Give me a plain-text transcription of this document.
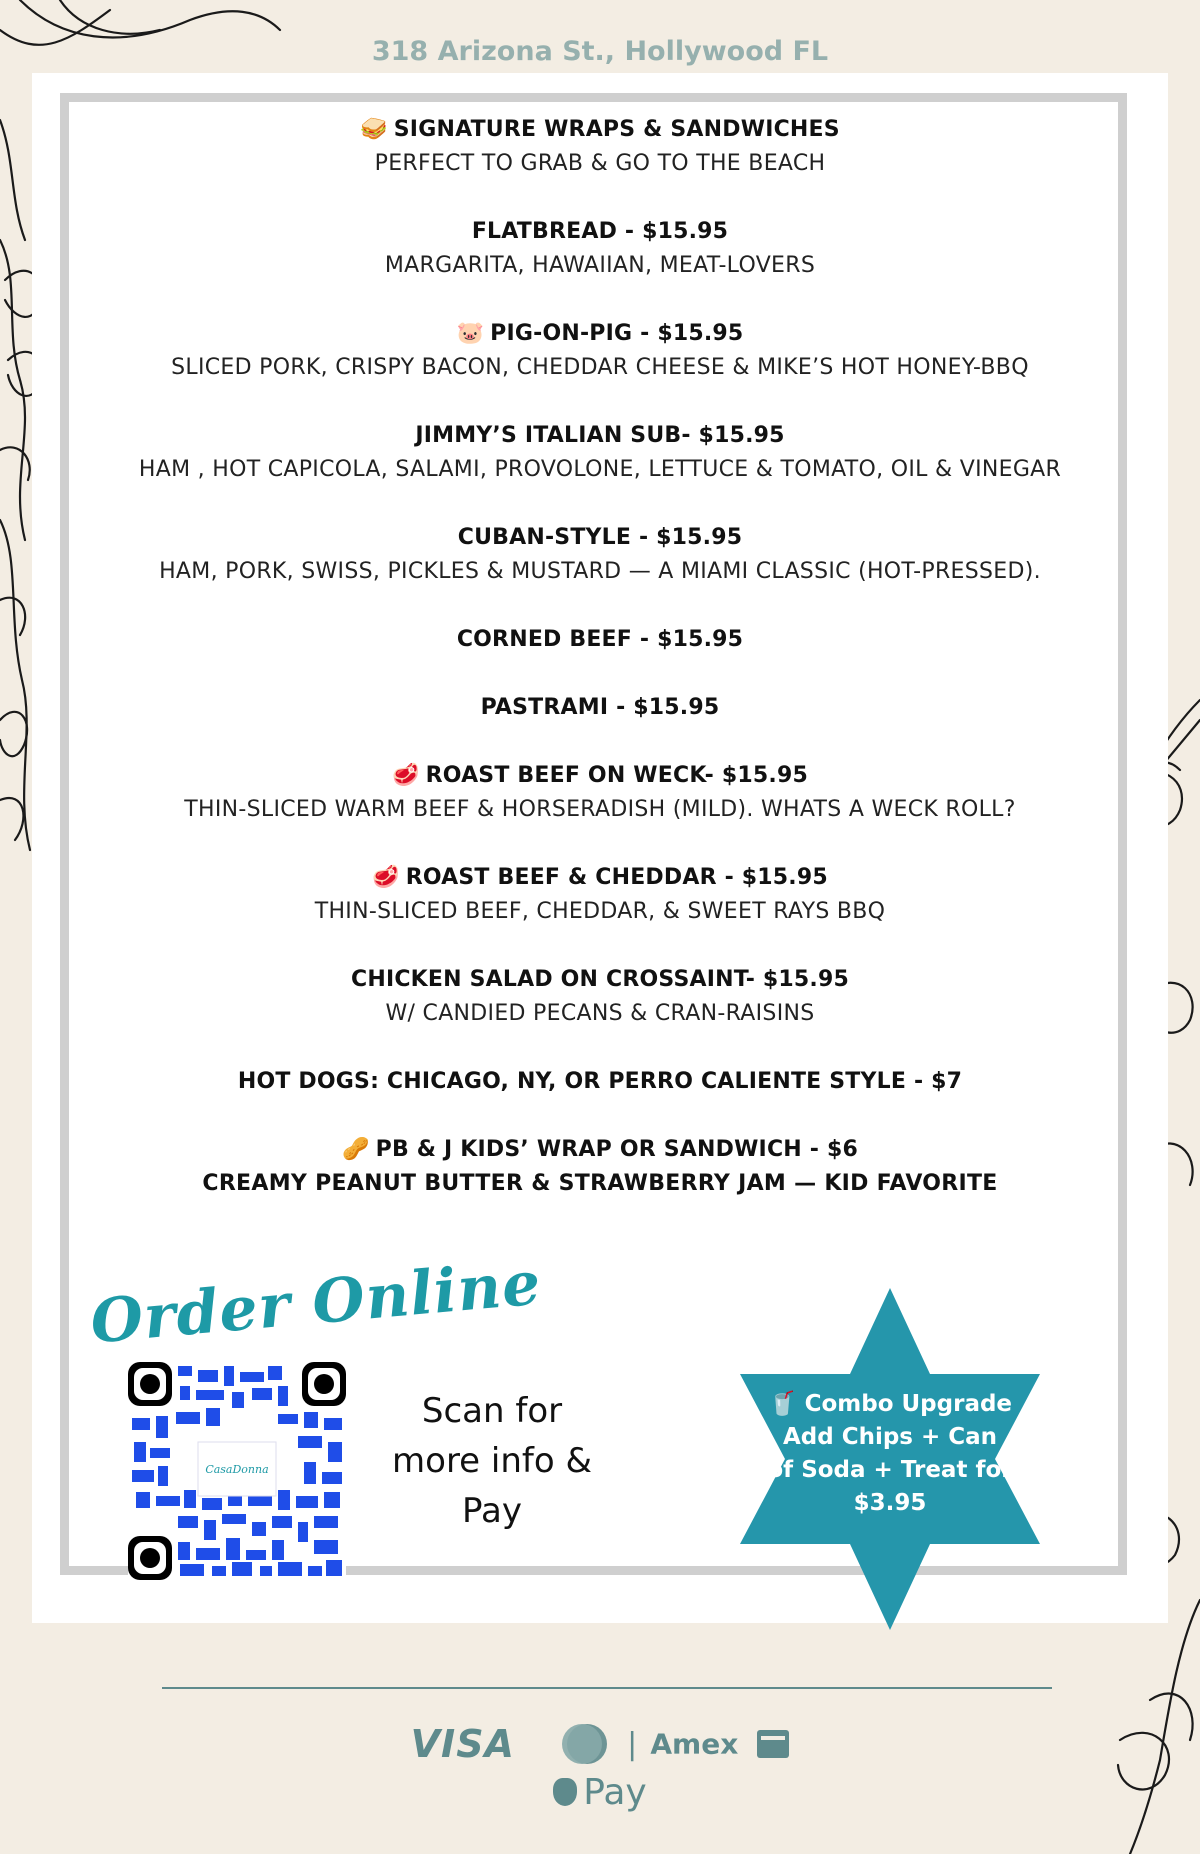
318 Arizona St., Hollywood FL
🥪 SIGNATURE WRAPS & SANDWICHES
PERFECT TO GRAB & GO TO THE BEACH
FLATBREAD - $15.95
MARGARITA, HAWAIIAN, MEAT-LOVERS
🐷 PIG-ON-PIG - $15.95
SLICED PORK, CRISPY BACON, CHEDDAR CHEESE & MIKE’S HOT HONEY-BBQ
JIMMY’S ITALIAN SUB- $15.95
HAM , HOT CAPICOLA, SALAMI, PROVOLONE, LETTUCE & TOMATO, OIL & VINEGAR
CUBAN-STYLE - $15.95
HAM, PORK, SWISS, PICKLES & MUSTARD — A MIAMI CLASSIC (HOT-PRESSED).
CORNED BEEF - $15.95
PASTRAMI - $15.95
🥩 ROAST BEEF ON WECK- $15.95
THIN-SLICED WARM BEEF & HORSERADISH (MILD). WHATS A WECK ROLL?
🥩 ROAST BEEF & CHEDDAR - $15.95
THIN-SLICED BEEF, CHEDDAR, & SWEET RAYS BBQ
CHICKEN SALAD ON CROSSAINT- $15.95
W/ CANDIED PECANS & CRAN-RAISINS
HOT DOGS: CHICAGO, NY, OR PERRO CALIENTE STYLE - $7
🥜 PB & J KIDS’ WRAP OR SANDWICH - $6
CREAMY PEANUT BUTTER & STRAWBERRY JAM — KID FAVORITE
Order Online
CasaDonna
Scan for more info & Pay
🥤 Combo Upgrade
Add Chips + Can
of Soda + Treat for
$3.95
VISA	| Amex
Pay
